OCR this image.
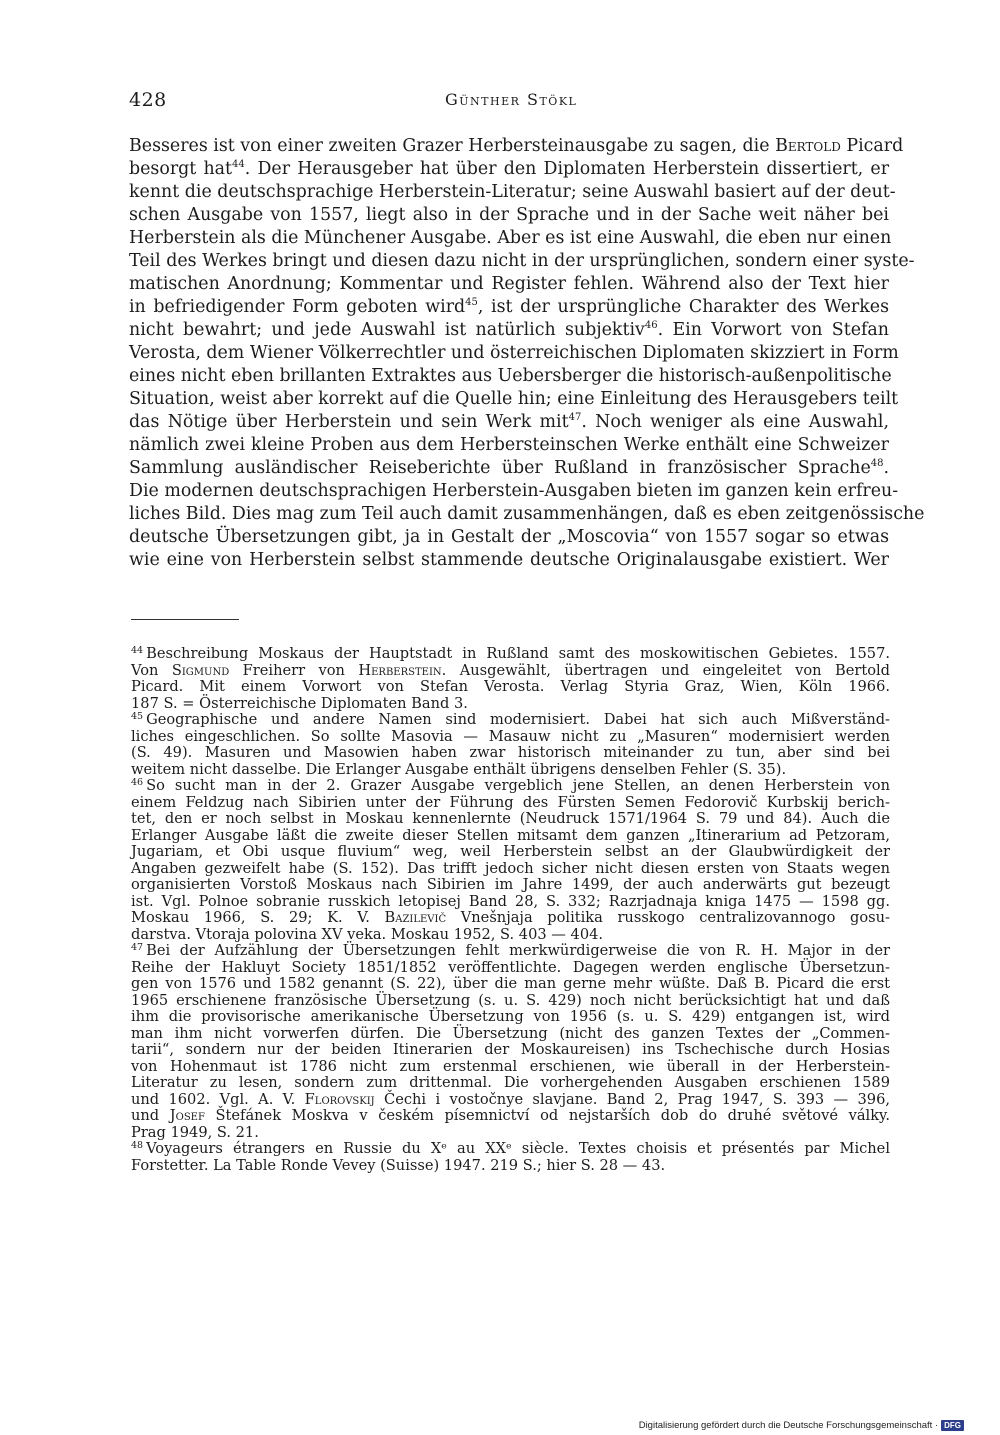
428	Günther Stökl
Besseres ist von einer zweiten Grazer Herbersteinausgabe zu sagen, die Bertold Picard
besorgt hat$^{44}$. Der Herausgeber hat über den Diplomaten Herberstein dissertiert, er
kennt die deutschsprachige Herberstein-Literatur; seine Auswahl basiert auf der deut-
schen Ausgabe von 1557, liegt also in der Sprache und in der Sache weit näher bei
Herberstein als die Münchener Ausgabe. Aber es ist eine Auswahl, die eben nur einen
Teil des Werkes bringt und diesen dazu nicht in der ursprünglichen, sondern einer syste-
matischen Anordnung; Kommentar und Register fehlen. Während also der Text hier
in befriedigender Form geboten wird$^{45}$, ist der ursprüngliche Charakter des Werkes
nicht bewahrt; und jede Auswahl ist natürlich subjektiv$^{46}$. Ein Vorwort von Stefan
Verosta, dem Wiener Völkerrechtler und österreichischen Diplomaten skizziert in Form
eines nicht eben brillanten Extraktes aus Uebersberger die historisch-außenpolitische
Situation, weist aber korrekt auf die Quelle hin; eine Einleitung des Herausgebers teilt
das Nötige über Herberstein und sein Werk mit$^{47}$. Noch weniger als eine Auswahl,
nämlich zwei kleine Proben aus dem Herbersteinschen Werke enthält eine Schweizer
Sammlung ausländischer Reiseberichte über Rußland in französischer Sprache$^{48}$.
Die modernen deutschsprachigen Herberstein-Ausgaben bieten im ganzen kein erfreu-
liches Bild. Dies mag zum Teil auch damit zusammenhängen, daß es eben zeitgenössische
deutsche Übersetzungen gibt, ja in Gestalt der „Moscovia“ von 1557 sogar so etwas
wie eine von Herberstein selbst stammende deutsche Originalausgabe existiert. Wer
$^{44}$ Beschreibung Moskaus der Hauptstadt in Rußland samt des moskowitischen Gebietes. 1557.
Von Sigmund Freiherr von Herberstein. Ausgewählt, übertragen und eingeleitet von Bertold
Picard. Mit einem Vorwort von Stefan Verosta. Verlag Styria Graz, Wien, Köln 1966.
187 S. = Österreichische Diplomaten Band 3.
$^{45}$ Geographische und andere Namen sind modernisiert. Dabei hat sich auch Mißverständ-
liches eingeschlichen. So sollte Masovia — Masauw nicht zu „Masuren“ modernisiert werden
(S. 49). Masuren und Masowien haben zwar historisch miteinander zu tun, aber sind bei
weitem nicht dasselbe. Die Erlanger Ausgabe enthält übrigens denselben Fehler (S. 35).
$^{46}$ So sucht man in der 2. Grazer Ausgabe vergeblich jene Stellen, an denen Herberstein von
einem Feldzug nach Sibirien unter der Führung des Fürsten Semen Fedorovič Kurbskij berich-
tet, den er noch selbst in Moskau kennenlernte (Neudruck 1571/1964 S. 79 und 84). Auch die
Erlanger Ausgabe läßt die zweite dieser Stellen mitsamt dem ganzen „Itinerarium ad Petzoram,
Jugariam, et Obi usque fluvium“ weg, weil Herberstein selbst an der Glaubwürdigkeit der
Angaben gezweifelt habe (S. 152). Das trifft jedoch sicher nicht diesen ersten von Staats wegen
organisierten Vorstoß Moskaus nach Sibirien im Jahre 1499, der auch anderwärts gut bezeugt
ist. Vgl. Polnoe sobranie russkich letopisej Band 28, S. 332; Razrjadnaja kniga 1475 — 1598 gg.
Moskau 1966, S. 29; K. V. Bazilevič Vnešnjaja politika russkogo centralizovannogo gosu-
darstva. Vtoraja polovina XV veka. Moskau 1952, S. 403 — 404.
$^{47}$ Bei der Aufzählung der Übersetzungen fehlt merkwürdigerweise die von R. H. Major in der
Reihe der Hakluyt Society 1851/1852 veröffentlichte. Dagegen werden englische Übersetzun-
gen von 1576 und 1582 genannt (S. 22), über die man gerne mehr wüßte. Daß B. Picard die erst
1965 erschienene französische Übersetzung (s. u. S. 429) noch nicht berücksichtigt hat und daß
ihm die provisorische amerikanische Übersetzung von 1956 (s. u. S. 429) entgangen ist, wird
man ihm nicht vorwerfen dürfen. Die Übersetzung (nicht des ganzen Textes der „Commen-
tarii“, sondern nur der beiden Itinerarien der Moskaureisen) ins Tschechische durch Hosias
von Hohenmaut ist 1786 nicht zum erstenmal erschienen, wie überall in der Herberstein-
Literatur zu lesen, sondern zum drittenmal. Die vorhergehenden Ausgaben erschienen 1589
und 1602. Vgl. A. V. Florovskij Čechi i vostočnye slavjane. Band 2, Prag 1947, S. 393 — 396,
und Josef Štefánek Moskva v českém písemnictví od nejstarších dob do druhé světové války.
Prag 1949, S. 21.
$^{48}$ Voyageurs étrangers en Russie du Xᵉ au XXᵉ siècle. Textes choisis et présentés par Michel
Forstetter. La Table Ronde Vevey (Suisse) 1947. 219 S.; hier S. 28 — 43.
Digitalisierung gefördert durch die Deutsche Forschungsgemeinschaft · DFG
